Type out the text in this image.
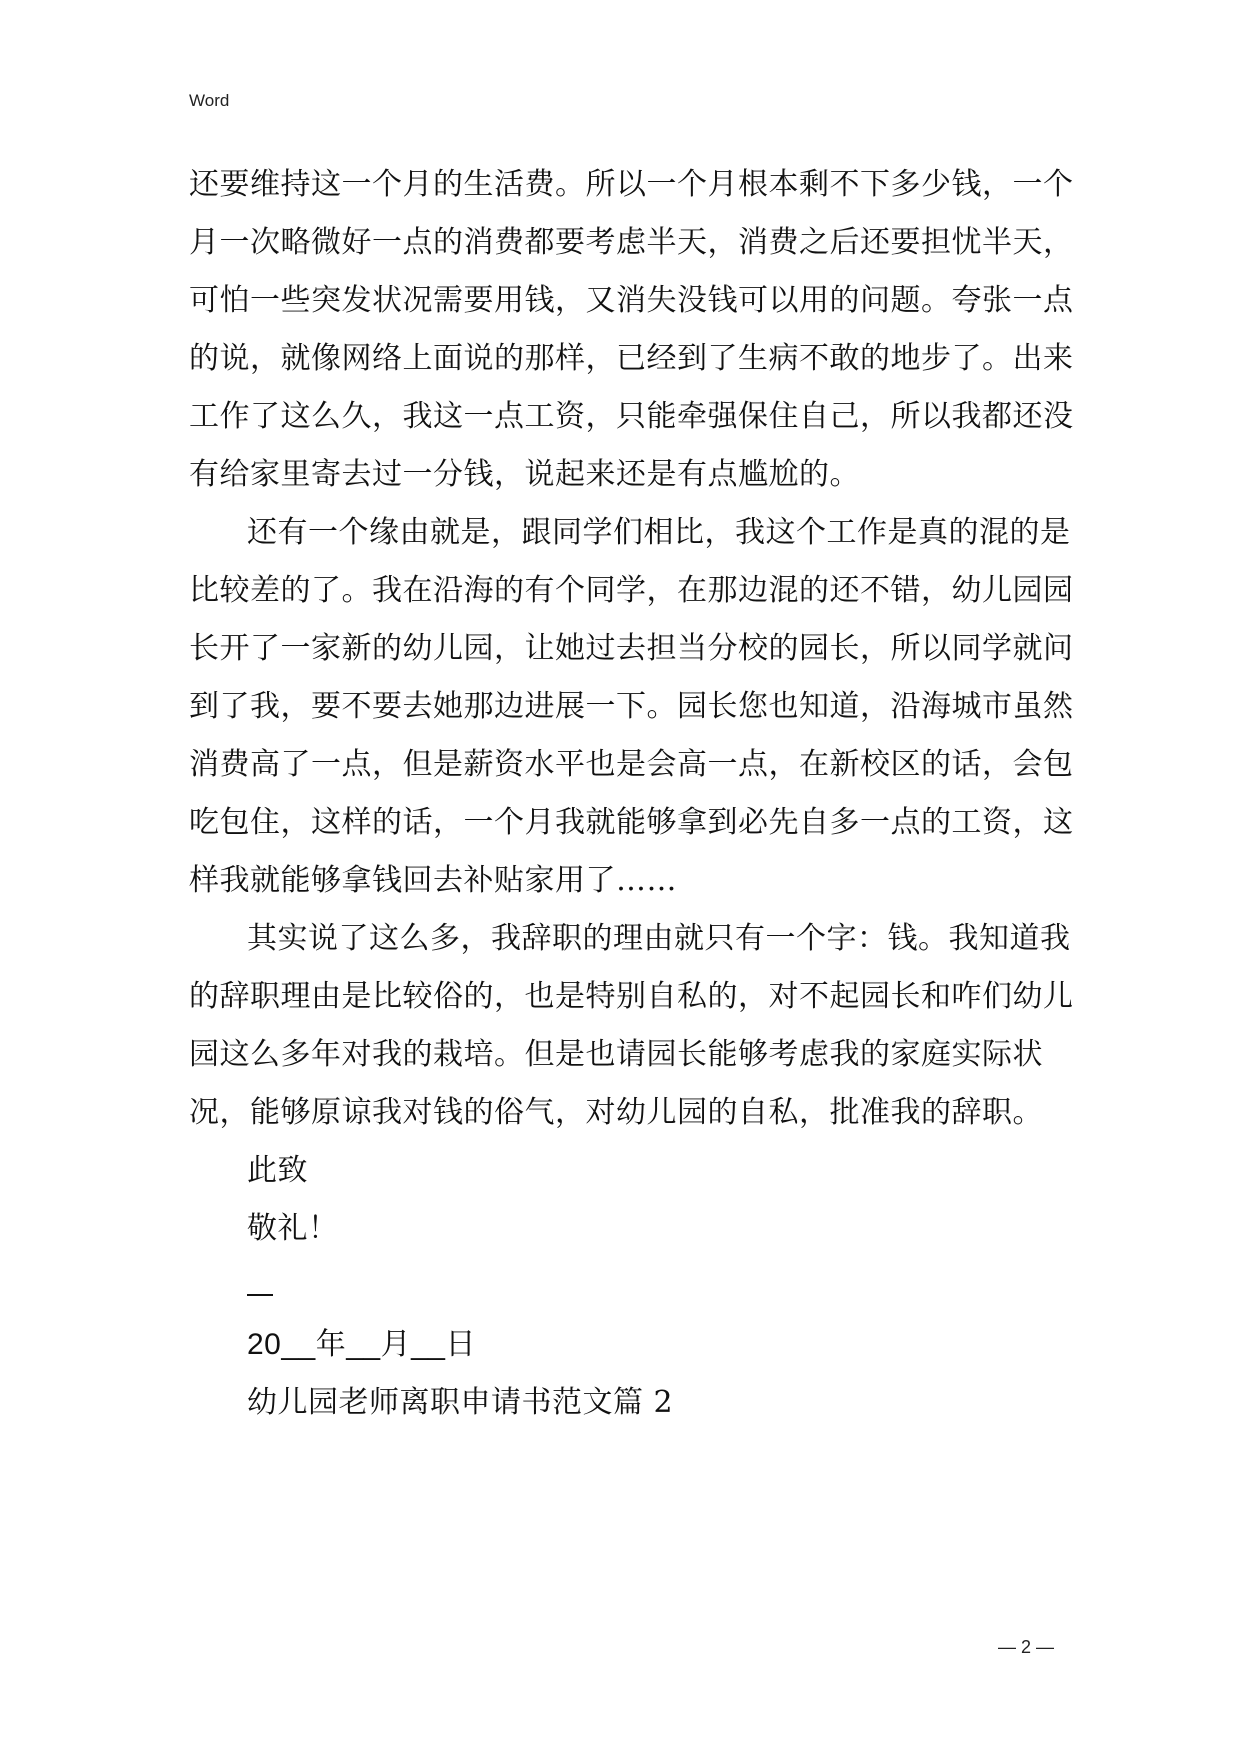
Word
还要维持这一个月的生活费。所以一个月根本剩不下多少钱，一个
月一次略微好一点的消费都要考虑半天，消费之后还要担忧半天，
可怕一些突发状况需要用钱，又消失没钱可以用的问题。夸张一点
的说，就像网络上面说的那样，已经到了生病不敢的地步了。出来
工作了这么久，我这一点工资，只能牵强保住自己，所以我都还没
有给家里寄去过一分钱，说起来还是有点尴尬的。
还有一个缘由就是，跟同学们相比，我这个工作是真的混的是
比较差的了。我在沿海的有个同学，在那边混的还不错，幼儿园园
长开了一家新的幼儿园，让她过去担当分校的园长，所以同学就问
到了我，要不要去她那边进展一下。园长您也知道，沿海城市虽然
消费高了一点，但是薪资水平也是会高一点，在新校区的话，会包
吃包住，这样的话，一个月我就能够拿到必先自多一点的工资，这
样我就能够拿钱回去补贴家用了……
其实说了这么多，我辞职的理由就只有一个字：钱。我知道我
的辞职理由是比较俗的，也是特别自私的，对不起园长和咋们幼儿
园这么多年对我的栽培。但是也请园长能够考虑我的家庭实际状
况，能够原谅我对钱的俗气，对幼儿园的自私，批准我的辞职。
此致
敬礼！
20__年__月__日
幼儿园老师离职申请书范文篇 2
— 2 —
